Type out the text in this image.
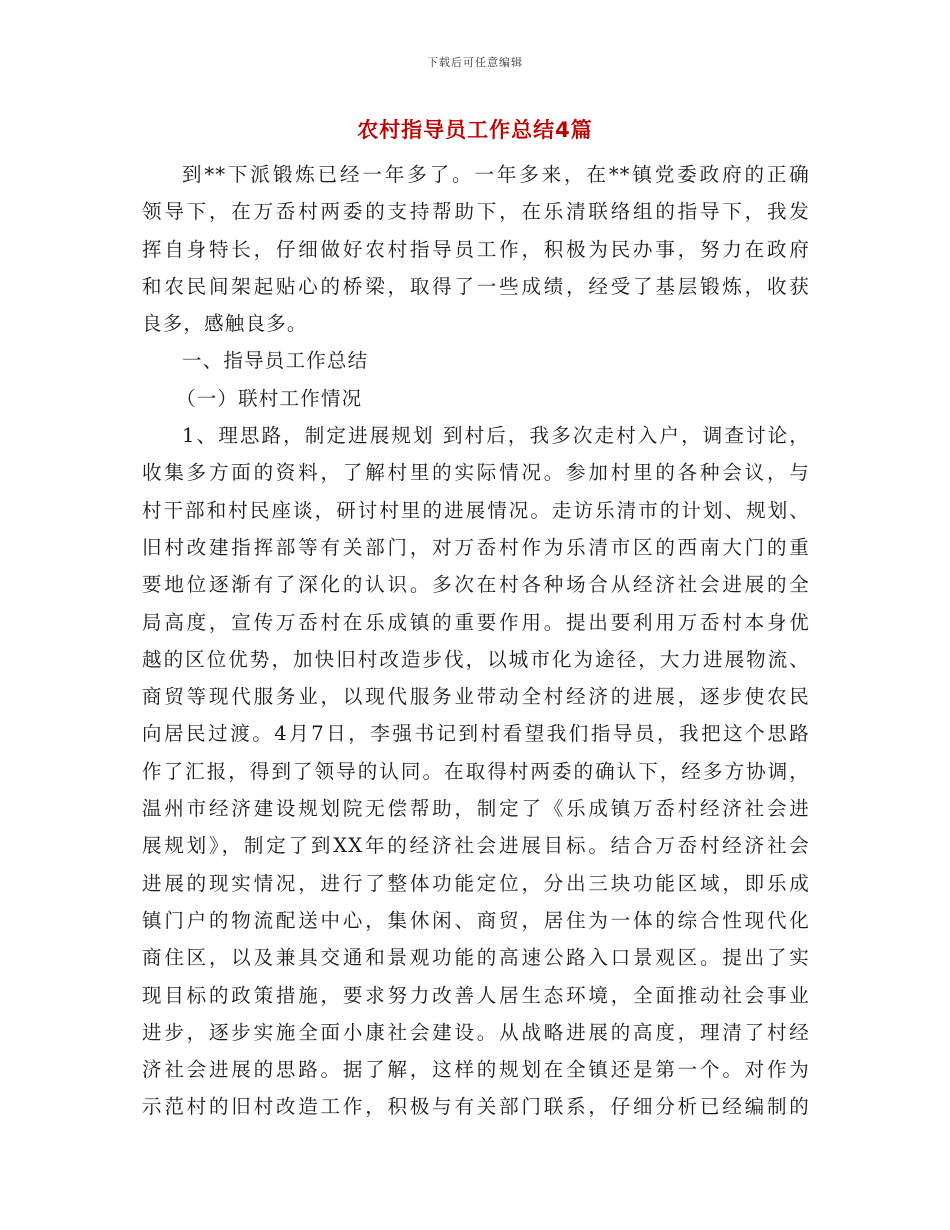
下载后可任意编辑
农村指导员工作总结4篇

到**下派锻炼已经一年多了。一年多来，在**镇党委政府的正确
领导下，在万岙村两委的支持帮助下，在乐清联络组的指导下，我发
挥自身特长，仔细做好农村指导员工作，积极为民办事，努力在政府
和农民间架起贴心的桥梁，取得了一些成绩，经受了基层锻炼，收获
良多，感触良多。

一、指导员工作总结

（一）联村工作情况

1、理思路，制定进展规划 到村后，我多次走村入户，调查讨论，
收集多方面的资料，了解村里的实际情况。参加村里的各种会议，与
村干部和村民座谈，研讨村里的进展情况。走访乐清市的计划、规划、
旧村改建指挥部等有关部门，对万岙村作为乐清市区的西南大门的重
要地位逐渐有了深化的认识。多次在村各种场合从经济社会进展的全
局高度，宣传万岙村在乐成镇的重要作用。提出要利用万岙村本身优
越的区位优势，加快旧村改造步伐，以城市化为途径，大力进展物流、
商贸等现代服务业，以现代服务业带动全村经济的进展，逐步使农民
向居民过渡。4月7日，李强书记到村看望我们指导员，我把这个思路
作了汇报，得到了领导的认同。在取得村两委的确认下，经多方协调，
温州市经济建设规划院无偿帮助，制定了《乐成镇万岙村经济社会进
展规划》，制定了到XX年的经济社会进展目标。结合万岙村经济社会
进展的现实情况，进行了整体功能定位，分出三块功能区域，即乐成
镇门户的物流配送中心，集休闲、商贸，居住为一体的综合性现代化
商住区，以及兼具交通和景观功能的高速公路入口景观区。提出了实
现目标的政策措施，要求努力改善人居生态环境，全面推动社会事业
进步，逐步实施全面小康社会建设。从战略进展的高度，理清了村经
济社会进展的思路。据了解，这样的规划在全镇还是第一个。对作为
示范村的旧村改造工作，积极与有关部门联系，仔细分析已经编制的
